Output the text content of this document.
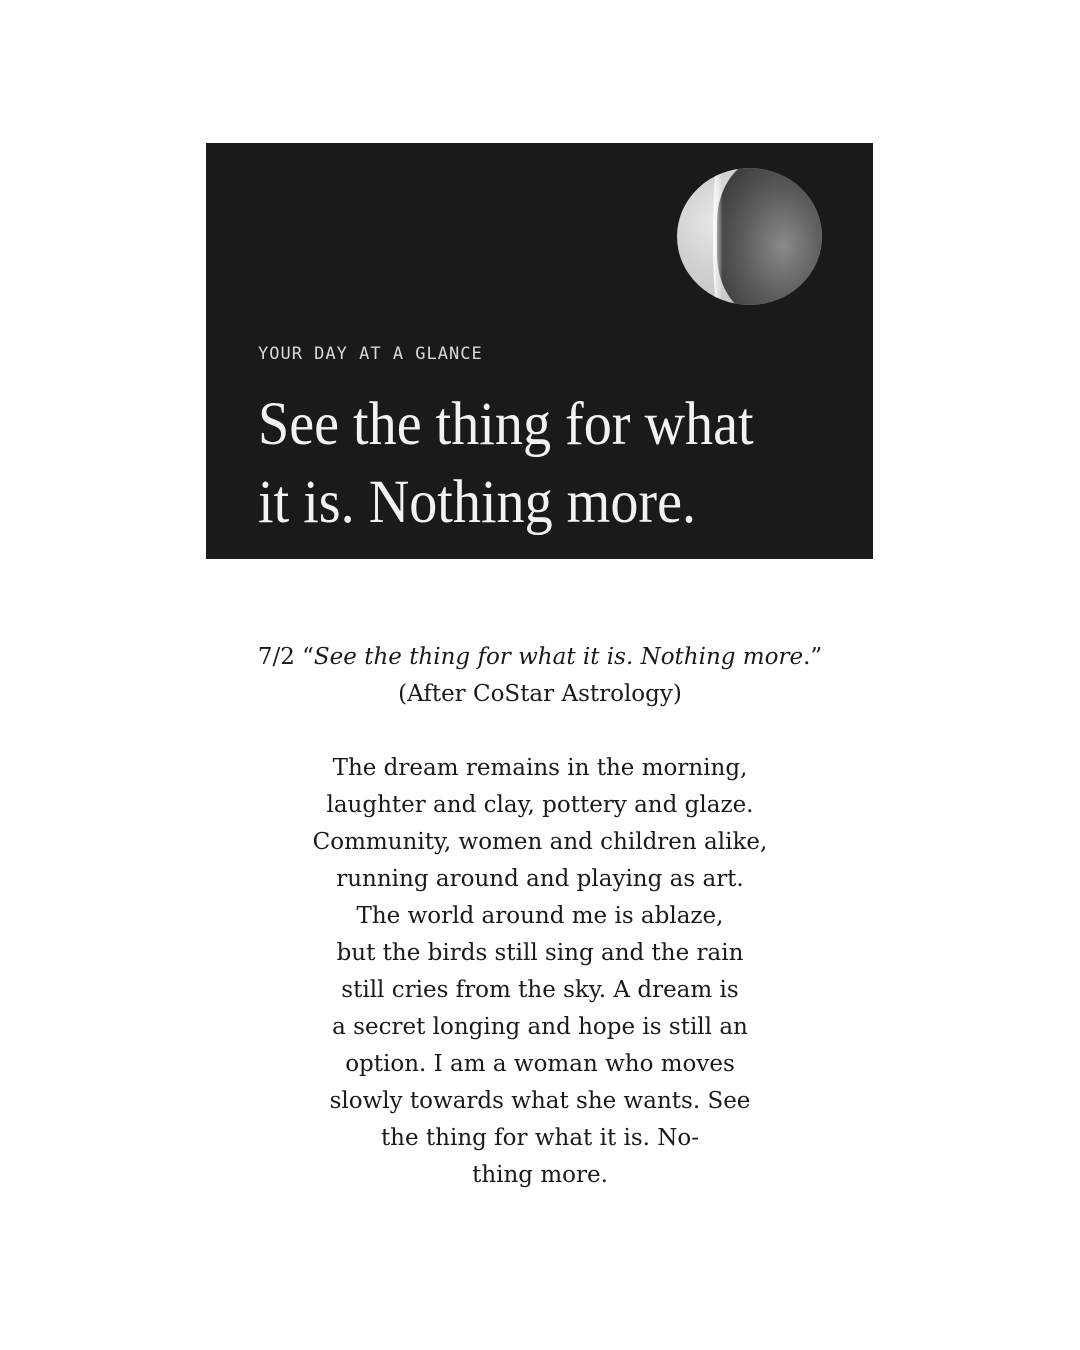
YOUR DAY AT A GLANCE
See the thing for what
it is. Nothing more.
7/2 “See the thing for what it is. Nothing more.”
(After CoStar Astrology)
The dream remains in the morning,
laughter and clay, pottery and glaze.
Community, women and children alike,
running around and playing as art.
The world around me is ablaze,
but the birds still sing and the rain
still cries from the sky. A dream is
a secret longing and hope is still an
option. I am a woman who moves
slowly towards what she wants. See
the thing for what it is. No-
thing more.
